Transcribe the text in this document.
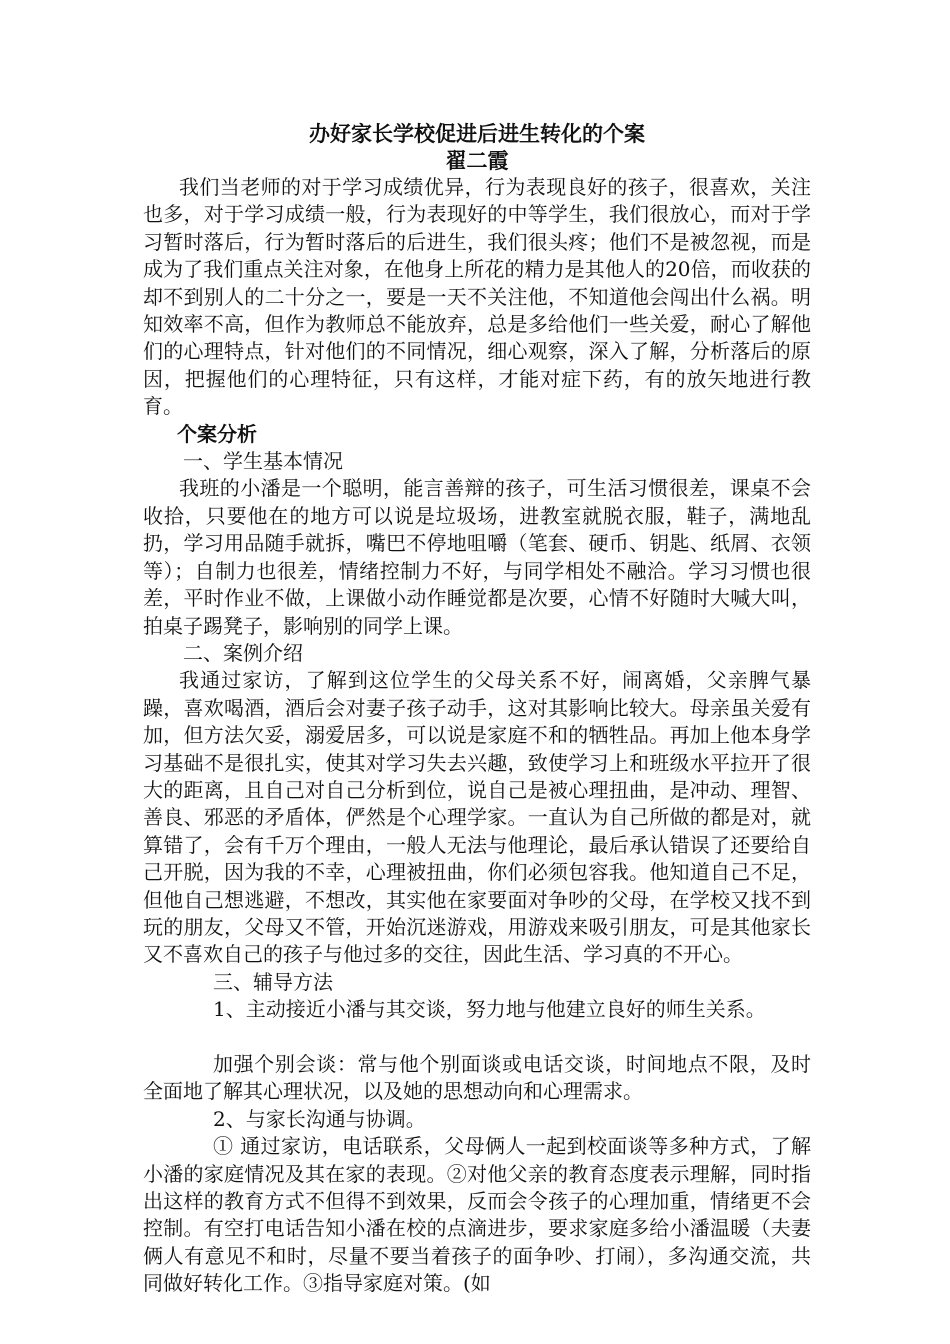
办好家长学校促进后进生转化的个案

翟二霞

我们当老师的对于学习成绩优异，行为表现良好的孩子，很喜欢，关注也多，对于学习成绩一般，行为表现好的中等学生，我们很放心，而对于学习暂时落后，行为暂时落后的后进生，我们很头疼；他们不是被忽视，而是成为了我们重点关注对象，在他身上所花的精力是其他人的20倍，而收获的却不到别人的二十分之一，要是一天不关注他，不知道他会闯出什么祸。明知效率不高，但作为教师总不能放弃，总是多给他们一些关爱，耐心了解他们的心理特点，针对他们的不同情况，细心观察，深入了解，分析落后的原因，把握他们的心理特征，只有这样，才能对症下药，有的放矢地进行教育。

个案分析

一、学生基本情况

我班的小潘是一个聪明，能言善辩的孩子，可生活习惯很差，课桌不会收拾，只要他在的地方可以说是垃圾场，进教室就脱衣服，鞋子，满地乱扔，学习用品随手就拆，嘴巴不停地咀嚼（笔套、硬币、钥匙、纸屑、衣领等）；自制力也很差，情绪控制力不好，与同学相处不融洽。学习习惯也很差，平时作业不做，上课做小动作睡觉都是次要，心情不好随时大喊大叫，拍桌子踢凳子，影响别的同学上课。

二、案例介绍

我通过家访，了解到这位学生的父母关系不好，闹离婚，父亲脾气暴躁，喜欢喝酒，酒后会对妻子孩子动手，这对其影响比较大。母亲虽关爱有加，但方法欠妥，溺爱居多，可以说是家庭不和的牺牲品。再加上他本身学习基础不是很扎实，使其对学习失去兴趣，致使学习上和班级水平拉开了很大的距离，且自己对自己分析到位，说自己是被心理扭曲，是冲动、理智、善良、邪恶的矛盾体，俨然是个心理学家。一直认为自己所做的都是对，就算错了，会有千万个理由，一般人无法与他理论，最后承认错误了还要给自己开脱，因为我的不幸，心理被扭曲，你们必须包容我。他知道自己不足，但他自己想逃避，不想改，其实他在家要面对争吵的父母，在学校又找不到玩的朋友，父母又不管，开始沉迷游戏，用游戏来吸引朋友，可是其他家长又不喜欢自己的孩子与他过多的交往，因此生活、学习真的不开心。

三、辅导方法

1、主动接近小潘与其交谈，努力地与他建立良好的师生关系。

加强个别会谈：常与他个别面谈或电话交谈，时间地点不限，及时全面地了解其心理状况，以及她的思想动向和心理需求。

2、与家长沟通与协调。

① 通过家访，电话联系，父母俩人一起到校面谈等多种方式，了解小潘的家庭情况及其在家的表现。②对他父亲的教育态度表示理解，同时指出这样的教育方式不但得不到效果，反而会令孩子的心理加重，情绪更不会控制。有空打电话告知小潘在校的点滴进步，要求家庭多给小潘温暖（夫妻俩人有意见不和时，尽量不要当着孩子的面争吵、打闹），多沟通交流，共同做好转化工作。③指导家庭对策。(如
